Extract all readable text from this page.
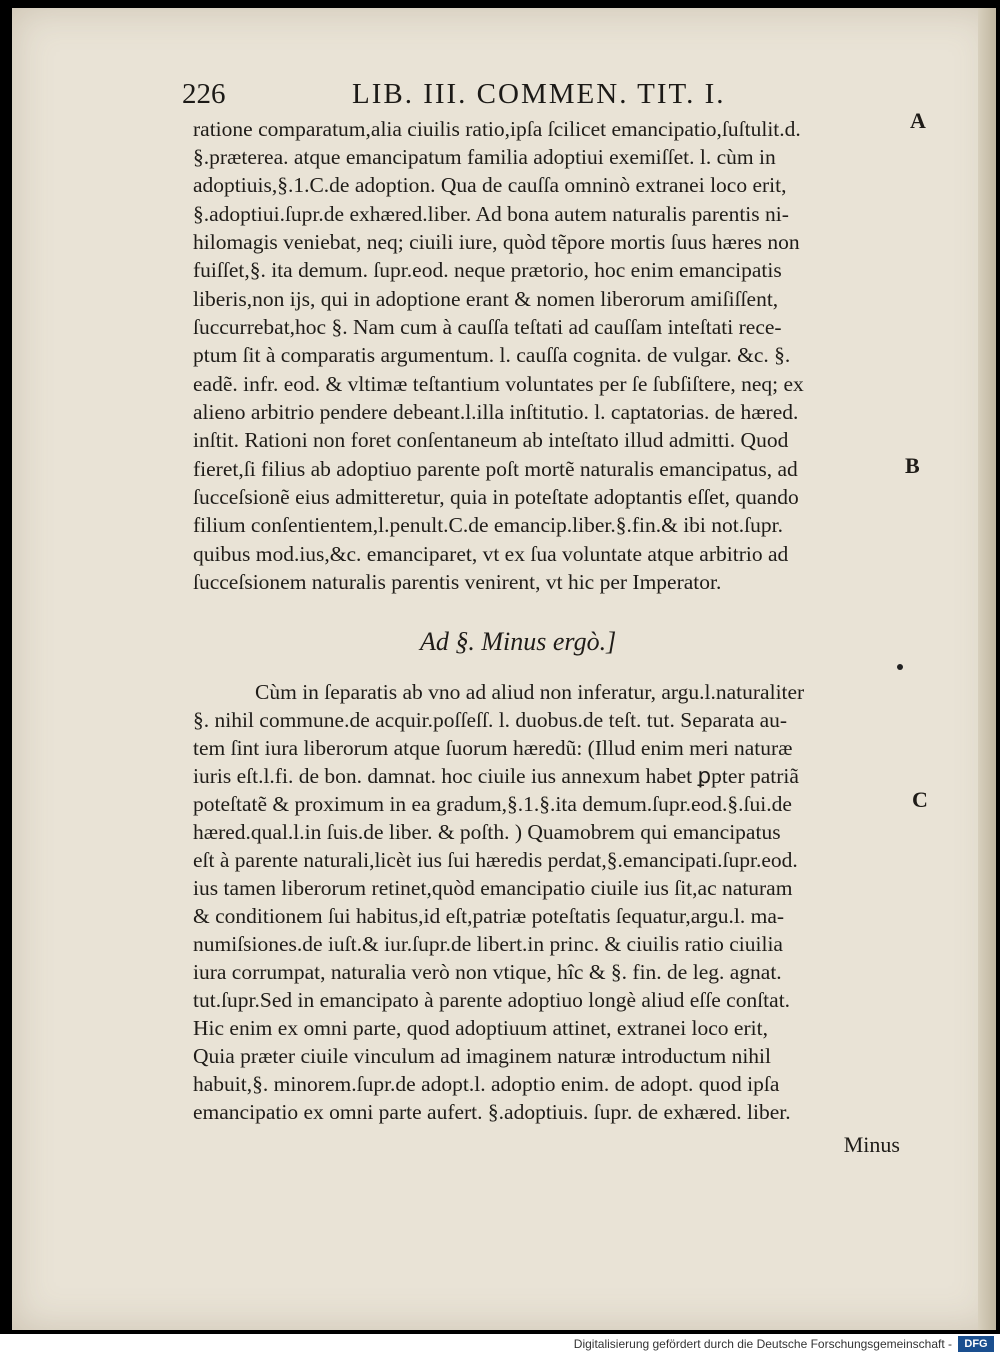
226	LIB. III. COMMEN. TIT. I.
ratione comparatum,alia ciuilis ratio,ipſa ſcilicet emancipatio,ſuſtulit.d.
§.præterea. atque emancipatum familia adoptiui exemiſſet. l. cùm in
adoptiuis,§.1.C.de adoption. Qua de cauſſa omninò extranei loco erit,
§.adoptiui.ſupr.de exhæred.liber. Ad bona autem naturalis parentis ni-
hilomagis veniebat, neq; ciuili iure, quòd tẽpore mortis ſuus hæres non
fuiſſet,§. ita demum. ſupr.eod. neque prætorio, hoc enim emancipatis
liberis,non ijs, qui in adoptione erant & nomen liberorum amiſiſſent,
ſuccurrebat,hoc §. Nam cum à cauſſa teſtati ad cauſſam inteſtati rece-
ptum ſit à comparatis argumentum. l. cauſſa cognita. de vulgar. &c. §.
eadẽ. infr. eod. & vltimæ teſtantium voluntates per ſe ſubſiſtere, neq; ex
alieno arbitrio pendere debeant.l.illa inſtitutio. l. captatorias. de hæred.
inſtit. Rationi non foret conſentaneum ab inteſtato illud admitti. Quod
fieret,ſi filius ab adoptiuo parente poſt mortẽ naturalis emancipatus, ad
ſucceſsionẽ eius admitteretur, quia in poteſtate adoptantis eſſet, quando
filium conſentientem,l.penult.C.de emancip.liber.§.fin.& ibi not.ſupr.
quibus mod.ius,&c. emanciparet, vt ex ſua voluntate atque arbitrio ad
ſucceſsionem naturalis parentis venirent, vt hic per Imperator.
A
B
Ad §. Minus ergò.]
Cùm in ſeparatis ab vno ad aliud non inferatur, argu.l.naturaliter
§. nihil commune.de acquir.poſſeſſ. l. duobus.de teſt. tut. Separata au-
tem ſint iura liberorum atque ſuorum hæredũ: (Illud enim meri naturæ
iuris eſt.l.fi. de bon. damnat. hoc ciuile ius annexum habet ꝑpter patriã
poteſtatẽ & proximum in ea gradum,§.1.§.ita demum.ſupr.eod.§.ſui.de
hæred.qual.l.in ſuis.de liber. & poſth. ) Quamobrem qui emancipatus
eſt à parente naturali,licèt ius ſui hæredis perdat,§.emancipati.ſupr.eod.
ius tamen liberorum retinet,quòd emancipatio ciuile ius ſit,ac naturam
& conditionem ſui habitus,id eſt,patriæ poteſtatis ſequatur,argu.l. ma-
numiſsiones.de iuſt.& iur.ſupr.de libert.in princ. & ciuilis ratio ciuilia
iura corrumpat, naturalia verò non vtique, hîc & §. fin. de leg. agnat.
tut.ſupr.Sed in emancipato à parente adoptiuo longè aliud eſſe conſtat.
Hic enim ex omni parte, quod adoptiuum attinet, extranei loco erit,
Quia præter ciuile vinculum ad imaginem naturæ introductum nihil
habuit,§. minorem.ſupr.de adopt.l. adoptio enim. de adopt. quod ipſa
emancipatio ex omni parte aufert. §.adoptiuis. ſupr. de exhæred. liber.
C
Minus
Digitalisierung gefördert durch die Deutsche Forschungsgemeinschaft -	DFG
